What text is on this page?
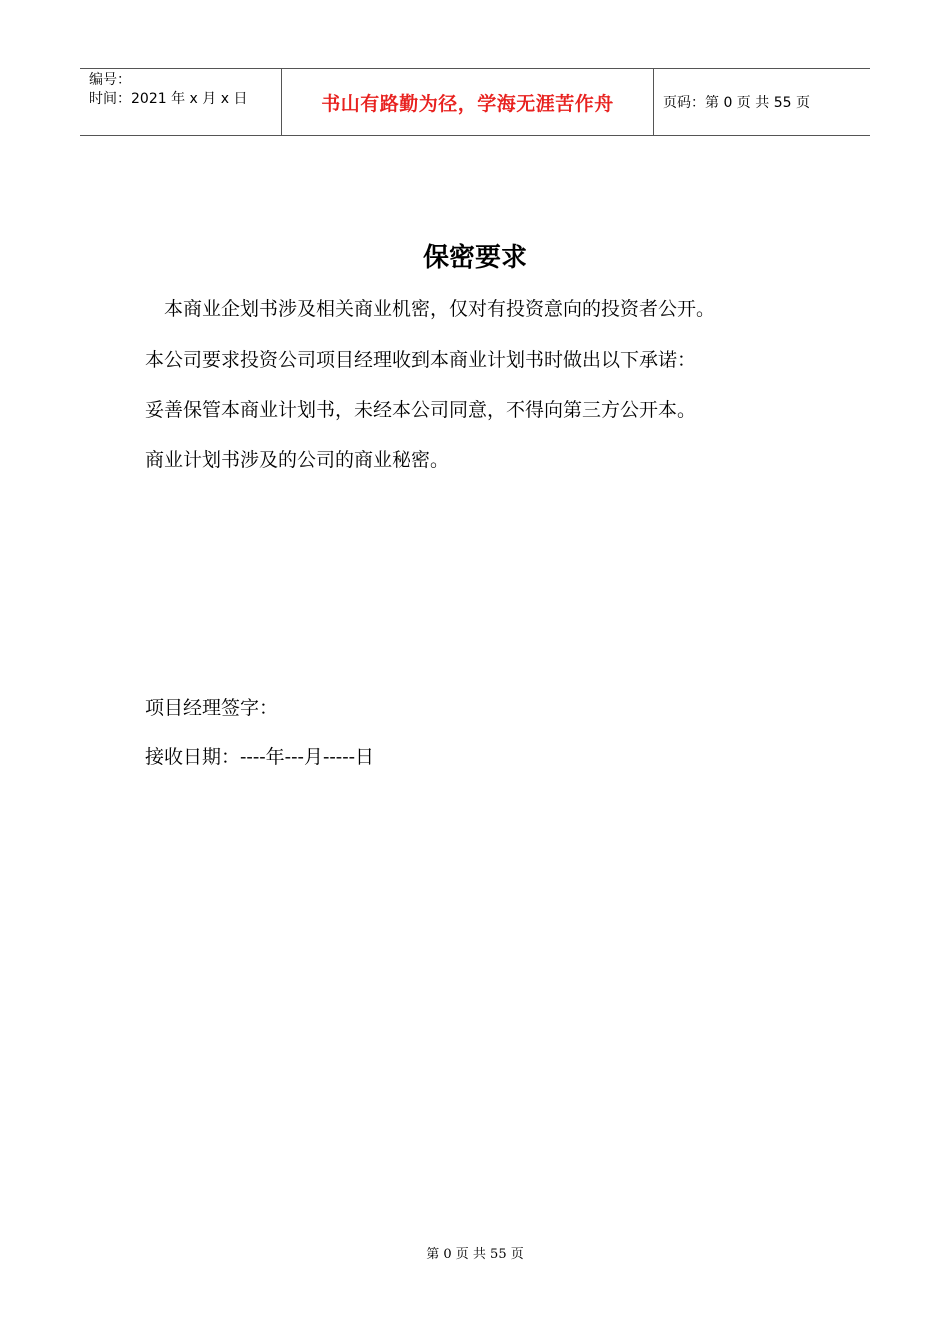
编号：
时间：2021 年 x 月 x 日	书山有路勤为径，学海无涯苦作舟	页码：第 0 页 共 55 页
保密要求
　本商业企划书涉及相关商业机密，仅对有投资意向的投资者公开。
本公司要求投资公司项目经理收到本商业计划书时做出以下承诺：
妥善保管本商业计划书，未经本公司同意，不得向第三方公开本。
商业计划书涉及的公司的商业秘密。
项目经理签字：
接收日期：----年---月-----日
第 0 页 共 55 页
